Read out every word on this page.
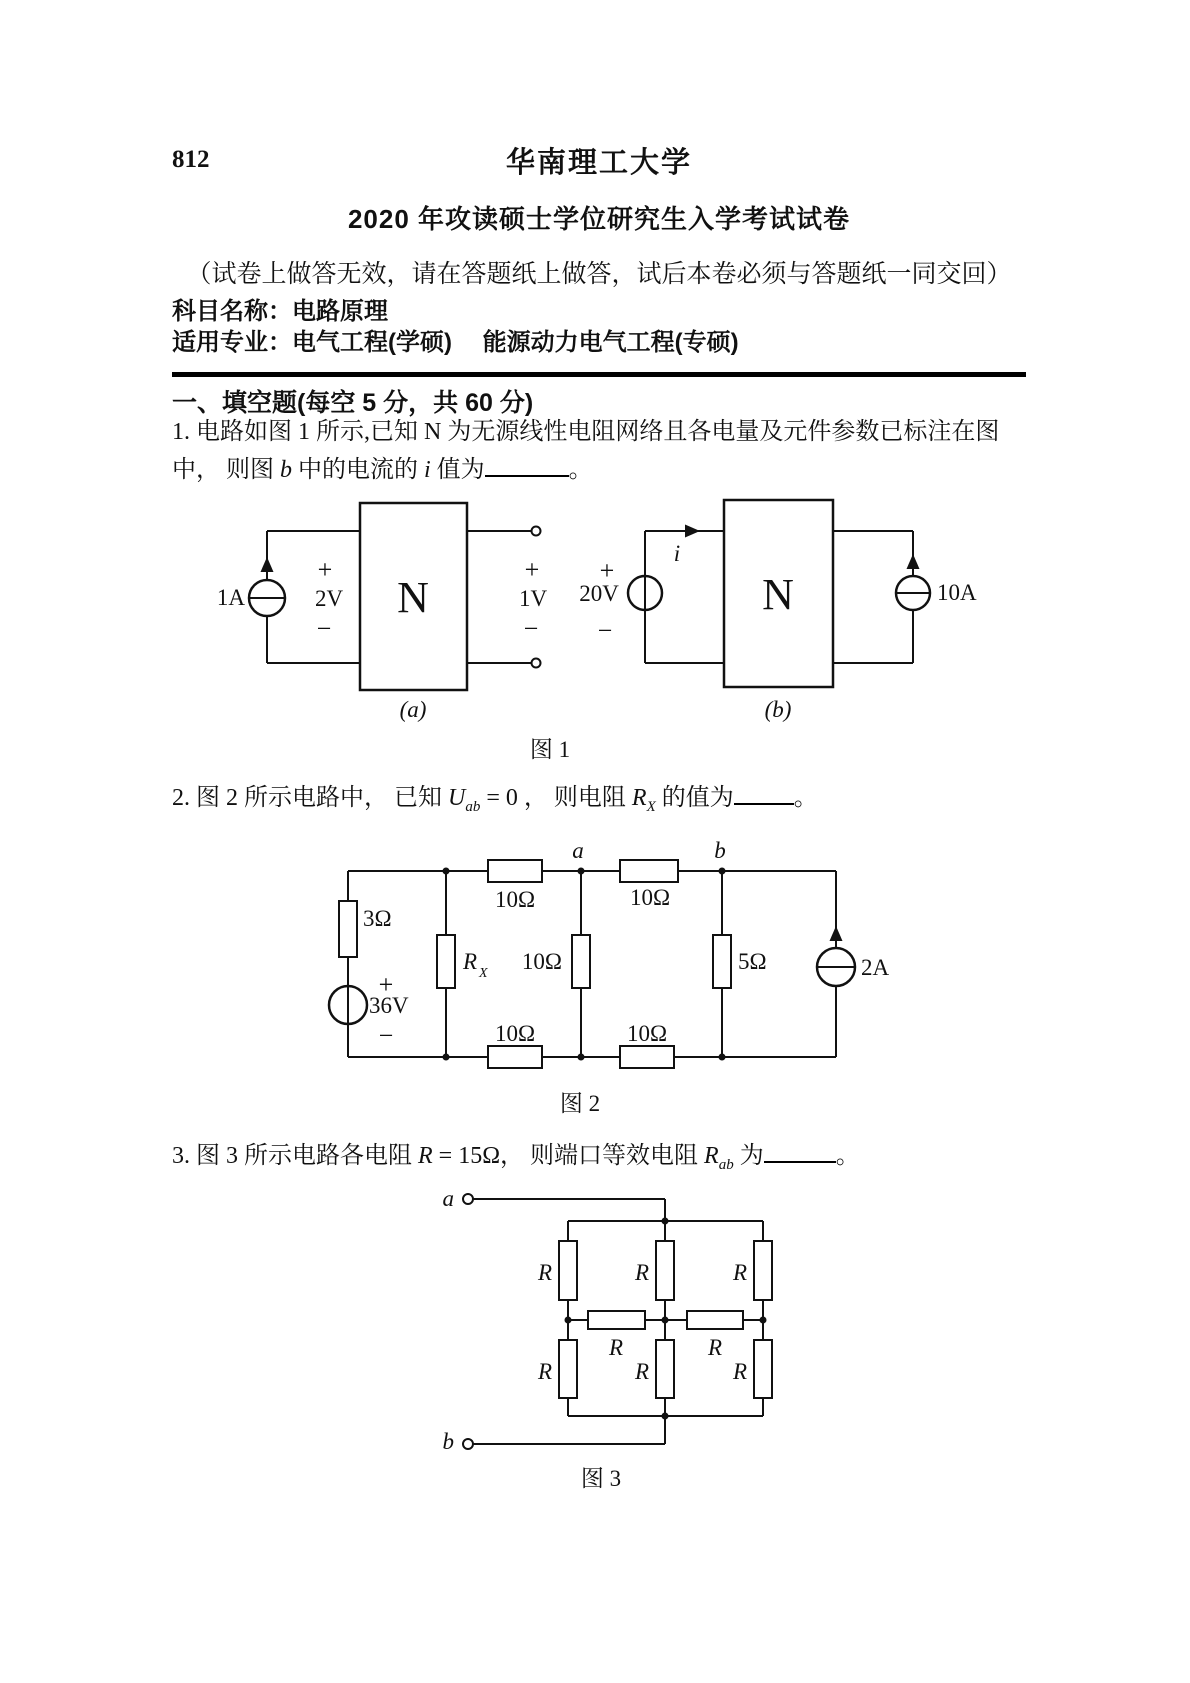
812	华南理工大学
2020 年攻读硕士学位研究生入学考试试卷
（试卷上做答无效，请在答题纸上做答，试后本卷必须与答题纸一同交回）
科目名称：电路原理
适用专业：电气工程(学硕)　 能源动力电气工程(专硕)
一、填空题(每空 5 分，共 60 分)
1. 电路如图 1 所示,已知 N 为无源线性电阻网络且各电量及元件参数已标注在图
中， 则图 b 中的电流的 i 值为	。
1A
+
2V
−
N
+
1V
−
(a)
+
20V
−
i
N	10A
(b)
图 1
2. 图 2 所示电路中， 已知 $U_{ab} = 0$ ， 则电阻 $R_X$ 的值为	。
3Ω
+
36V
−
R X
10Ω	10Ω
10Ω	5Ω	2A
10Ω	10Ω
a	b
图 2
3. 图 3 所示电路各电阻 R = 15Ω， 则端口等效电阻 $R_{ab}$ 为	。
R	R	R
R	R
R	R	R
a
b
图 3
